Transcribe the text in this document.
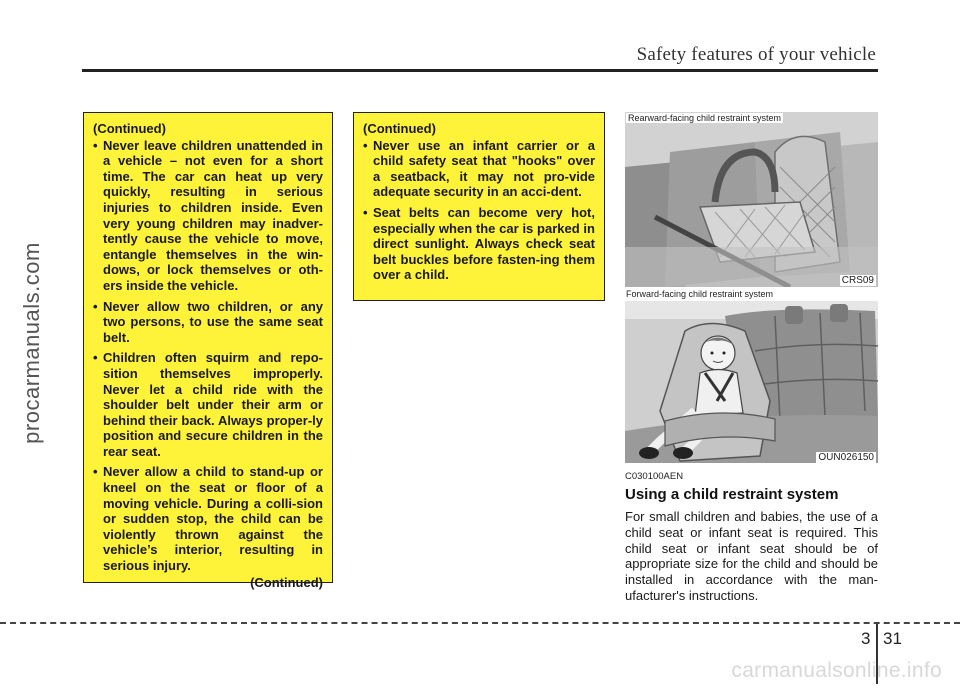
Safety features of your vehicle
procarmanuals.com
(Continued)
• Never leave children unattended in a vehicle – not even for a short time. The car can heat up very quickly, resulting in serious injuries to children inside. Even very young children may inadver-tently cause the vehicle to move, entangle themselves in the win-dows, or lock themselves or oth-ers inside the vehicle.
• Never allow two children, or any two persons, to use the same seat belt.
• Children often squirm and repo-sition themselves improperly. Never let a child ride with the shoulder belt under their arm or behind their back. Always proper-ly position and secure children in the rear seat.
• Never allow a child to stand-up or kneel on the seat or floor of a moving vehicle. During a colli-sion or sudden stop, the child can be violently thrown against the vehicle’s interior, resulting in serious injury.
(Continued)
(Continued)
• Never use an infant carrier or a child safety seat that "hooks" over a seatback, it may not pro-vide adequate security in an acci-dent.
• Seat belts can become very hot, especially when the car is parked in direct sunlight. Always check seat belt buckles before fasten-ing them over a child.
Rearward-facing child restraint system
CRS09
Forward-facing child restraint system
OUN026150
C030100AEN
Using a child restraint system
For small children and babies, the use of a child seat or infant seat is required. This child seat or infant seat should be of appropriate size for the child and should be installed in accordance with the man-ufacturer's instructions.
3 31
carmanualsonline.info
